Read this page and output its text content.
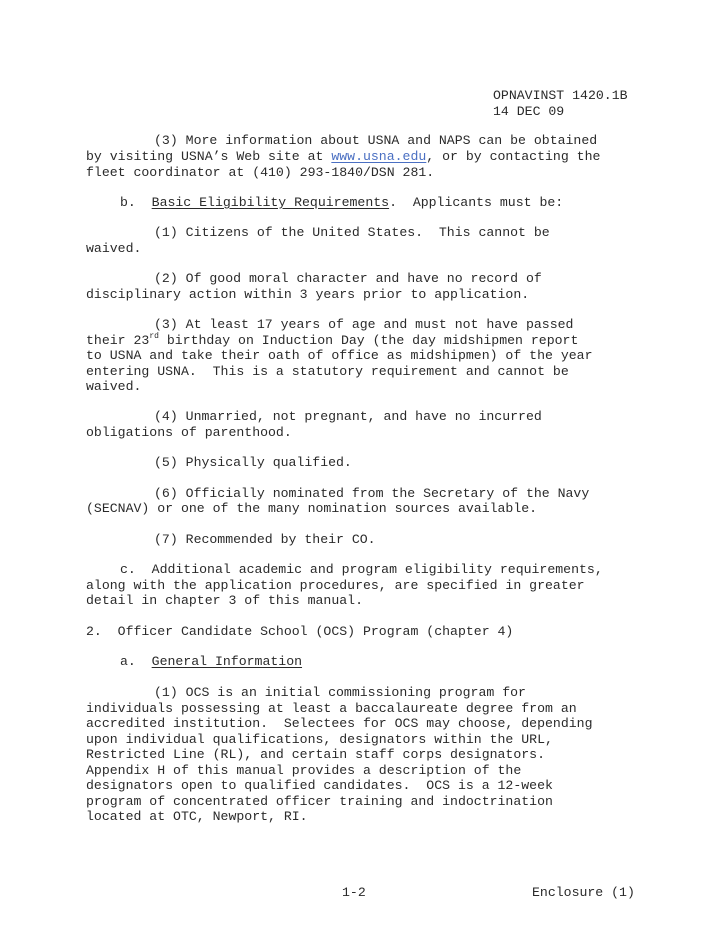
OPNAVINST 1420.1B
14 DEC 09
(3) More information about USNA and NAPS can be obtained
by visiting USNA’s Web site at www.usna.edu, or by contacting the
fleet coordinator at (410) 293-1840/DSN 281.
b. Basic Eligibility Requirements.  Applicants must be:
(1) Citizens of the United States.  This cannot be
waived.
(2) Of good moral character and have no record of
disciplinary action within 3 years prior to application.
(3) At least 17 years of age and must not have passed
their 23rd birthday on Induction Day (the day midshipmen report
to USNA and take their oath of office as midshipmen) of the year
entering USNA.  This is a statutory requirement and cannot be
waived.
(4) Unmarried, not pregnant, and have no incurred
obligations of parenthood.
(5) Physically qualified.
(6) Officially nominated from the Secretary of the Navy
(SECNAV) or one of the many nomination sources available.
(7) Recommended by their CO.
c.  Additional academic and program eligibility requirements,
along with the application procedures, are specified in greater
detail in chapter 3 of this manual.
2.  Officer Candidate School (OCS) Program (chapter 4)
a. General Information
(1) OCS is an initial commissioning program for
individuals possessing at least a baccalaureate degree from an
accredited institution.  Selectees for OCS may choose, depending
upon individual qualifications, designators within the URL,
Restricted Line (RL), and certain staff corps designators.
Appendix H of this manual provides a description of the
designators open to qualified candidates.  OCS is a 12-week
program of concentrated officer training and indoctrination
located at OTC, Newport, RI.
1-2	Enclosure (1)
